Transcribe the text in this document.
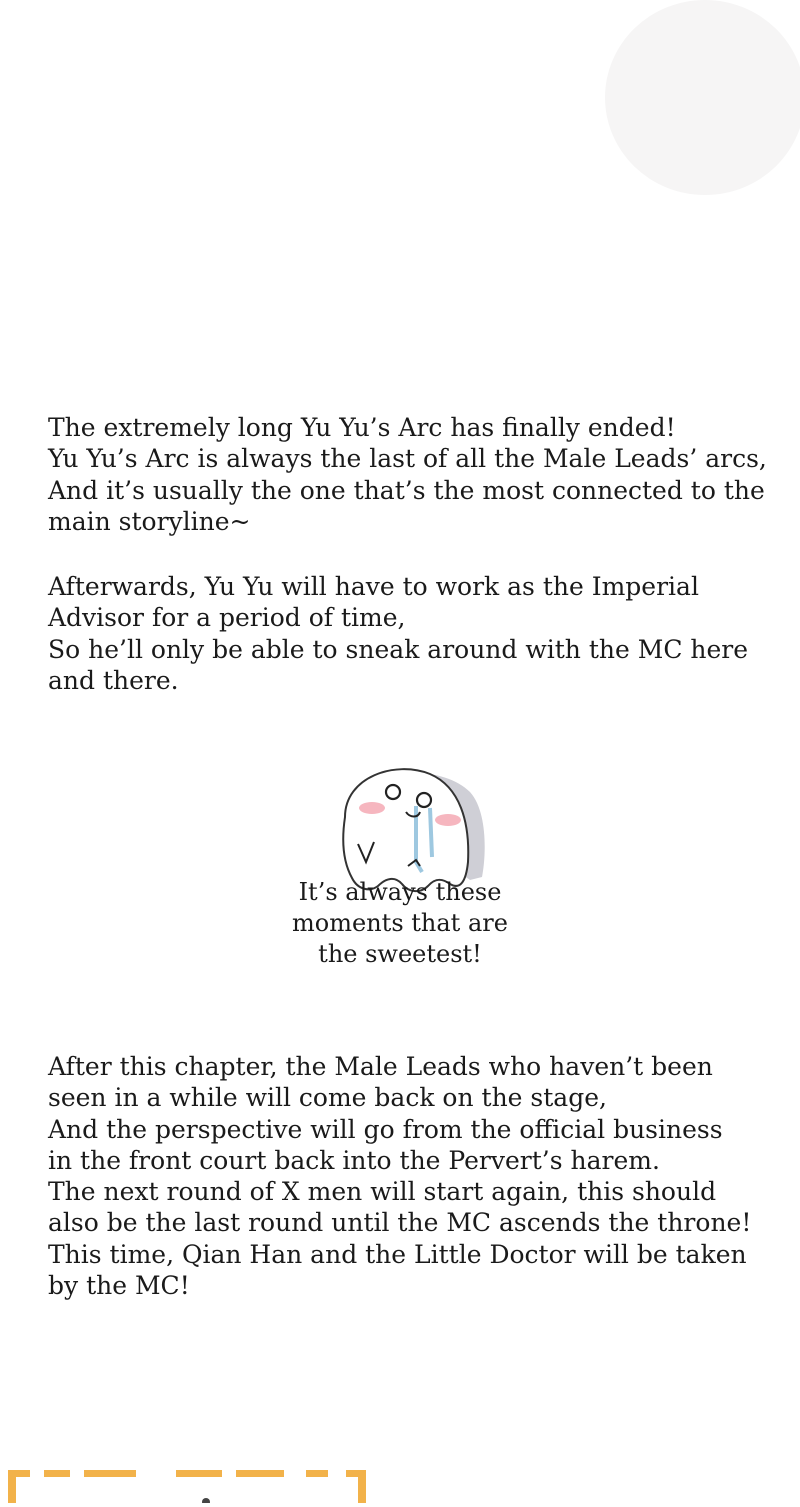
The extremely long Yu Yu’s Arc has finally ended!
Yu Yu’s Arc is always the last of all the Male Leads’ arcs,
And it’s usually the one that’s the most connected to the
main storyline~
Afterwards, Yu Yu will have to work as the Imperial
Advisor for a period of time,
So he’ll only be able to sneak around with the MC here
and there.
It’s always these
moments that are
the sweetest!
After this chapter, the Male Leads who haven’t been
seen in a while will come back on the stage,
And the perspective will go from the official business
in the front court back into the Pervert’s harem.
The next round of X men will start again, this should
also be the last round until the MC ascends the throne!
This time, Qian Han and the Little Doctor will be taken
by the MC!
